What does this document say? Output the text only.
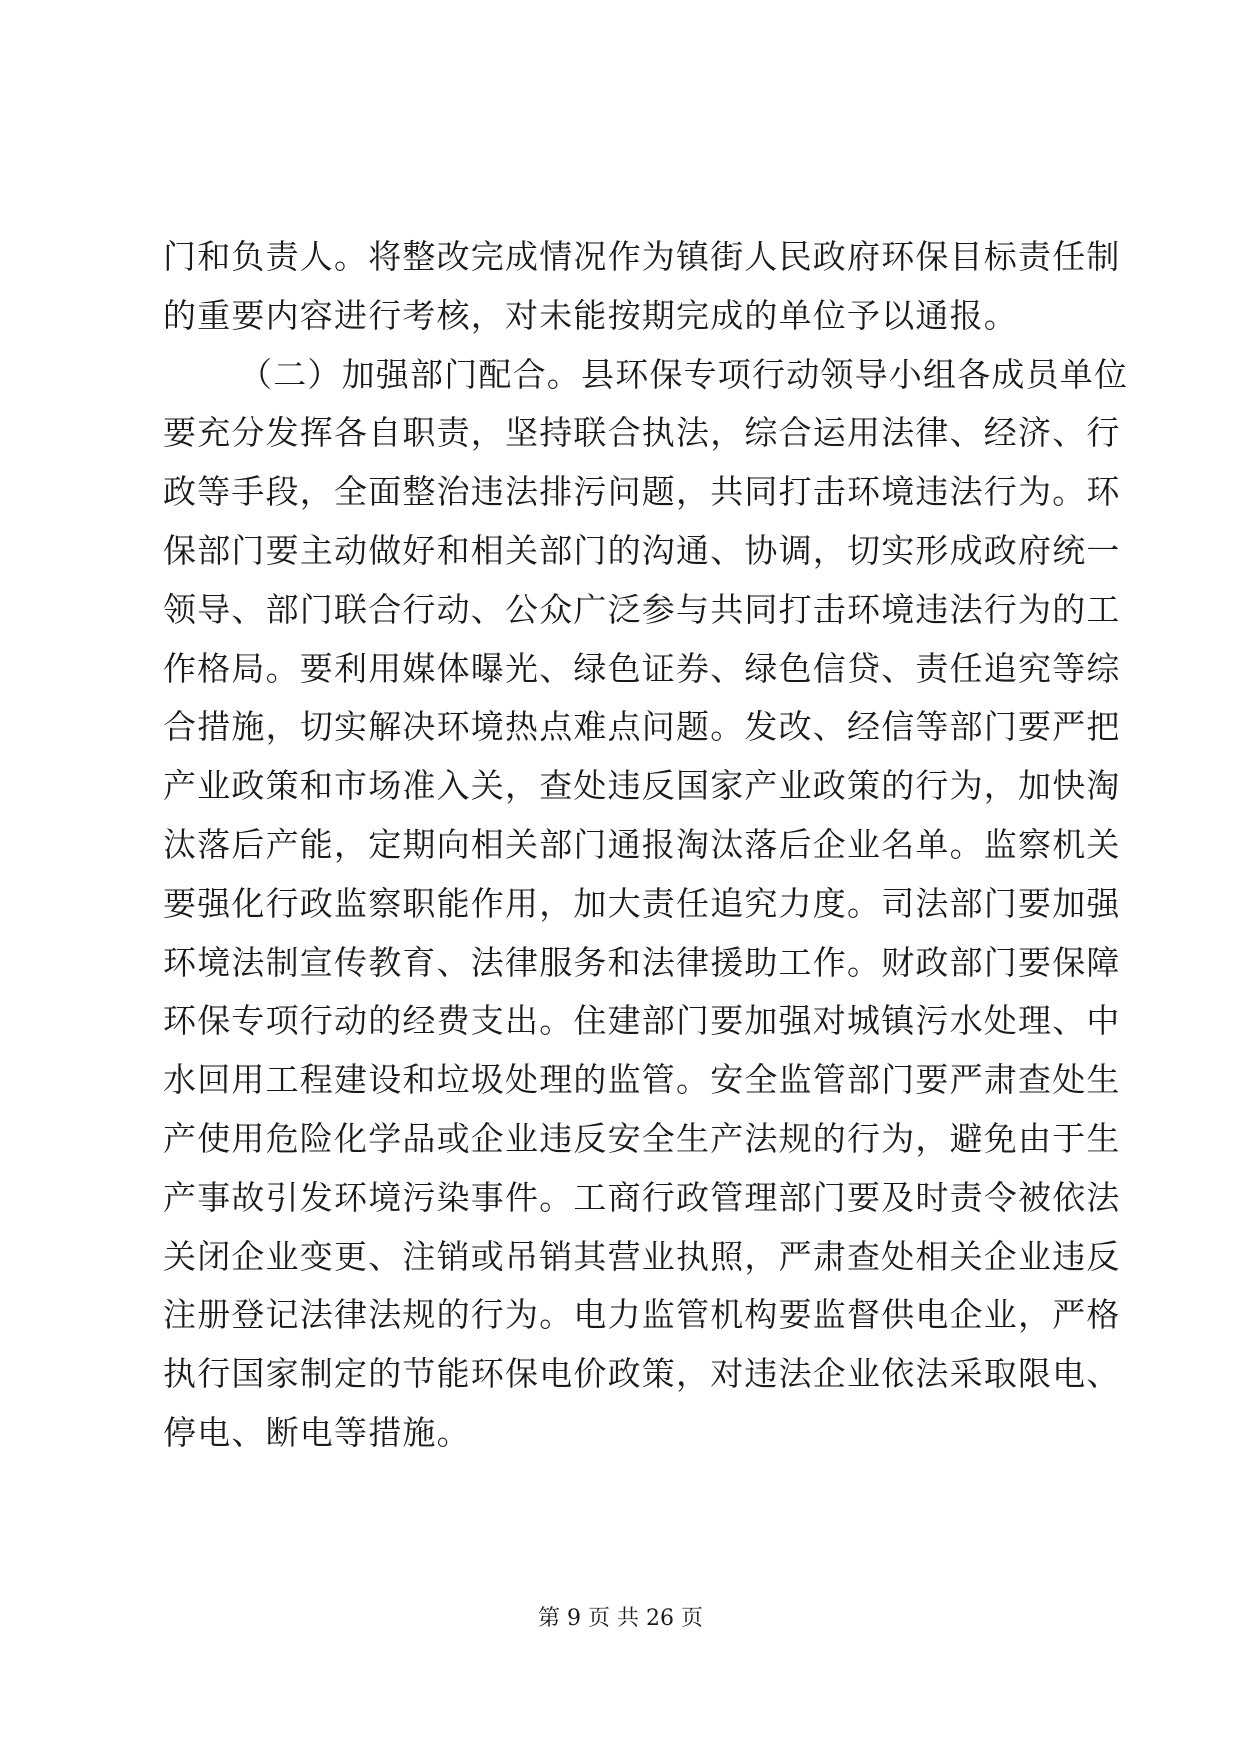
门和负责人。将整改完成情况作为镇街人民政府环保目标责任制
的重要内容进行考核，对未能按期完成的单位予以通报。
（二）加强部门配合。县环保专项行动领导小组各成员单位
要充分发挥各自职责，坚持联合执法，综合运用法律、经济、行
政等手段，全面整治违法排污问题，共同打击环境违法行为。环
保部门要主动做好和相关部门的沟通、协调，切实形成政府统一
领导、部门联合行动、公众广泛参与共同打击环境违法行为的工
作格局。要利用媒体曝光、绿色证券、绿色信贷、责任追究等综
合措施，切实解决环境热点难点问题。发改、经信等部门要严把
产业政策和市场准入关，查处违反国家产业政策的行为，加快淘
汰落后产能，定期向相关部门通报淘汰落后企业名单。监察机关
要强化行政监察职能作用，加大责任追究力度。司法部门要加强
环境法制宣传教育、法律服务和法律援助工作。财政部门要保障
环保专项行动的经费支出。住建部门要加强对城镇污水处理、中
水回用工程建设和垃圾处理的监管。安全监管部门要严肃查处生
产使用危险化学品或企业违反安全生产法规的行为，避免由于生
产事故引发环境污染事件。工商行政管理部门要及时责令被依法
关闭企业变更、注销或吊销其营业执照，严肃查处相关企业违反
注册登记法律法规的行为。电力监管机构要监督供电企业，严格
执行国家制定的节能环保电价政策，对违法企业依法采取限电、
停电、断电等措施。
第 9 页 共 26 页
